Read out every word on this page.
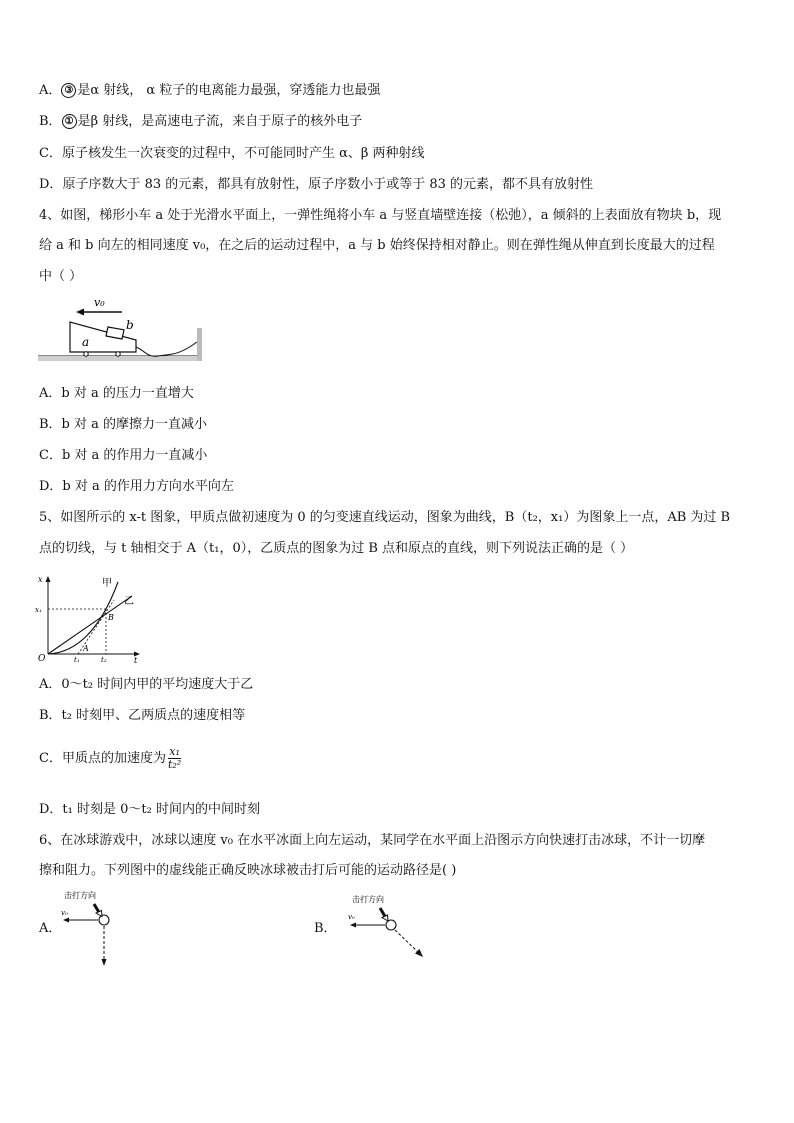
A． ③ 是α 射线， α 粒子的电离能力最强，穿透能力也最强
B． ① 是β 射线，是高速电子流，来自于原子的核外电子
C．原子核发生一次衰变的过程中，不可能同时产生 α、β 两种射线
D．原子序数大于 83 的元素，都具有放射性，原子序数小于或等于 83 的元素，都不具有放射性
4、如图，梯形小车 a 处于光滑水平面上，一弹性绳将小车 a 与竖直墙壁连接（松弛），a 倾斜的上表面放有物块 b，现
给 a 和 b 向左的相同速度 v₀，在之后的运动过程中，a 与 b 始终保持相对静止。则在弹性绳从伸直到长度最大的过程
中（ ）
v₀
a
b
A．b 对 a 的压力一直增大
B．b 对 a 的摩擦力一直减小
C．b 对 a 的作用力一直减小
D．b 对 a 的作用力方向水平向左
5、如图所示的 x-t 图象，甲质点做初速度为 0 的匀变速直线运动，图象为曲线，B（t₂，x₁）为图象上一点，AB 为过 B
点的切线，与 t 轴相交于 A（t₁，0），乙质点的图象为过 B 点和原点的直线，则下列说法正确的是（ ）
x
t
O
甲
乙
x₁
t₁	t₂
A
B
A．0～t₂ 时间内甲的平均速度大于乙
B．t₂ 时刻甲、乙两质点的速度相等
C．甲质点的加速度为 $\frac{\text{x₁}}{\text{t₂²}}$
D．t₁ 时刻是 0～t₂ 时间内的中间时刻
6、在冰球游戏中，冰球以速度 v₀ 在水平冰面上向左运动，某同学在水平面上沿图示方向快速打击冰球，不计一切摩
擦和阻力。下列图中的虚线能正确反映冰球被击打后可能的运动路径是( )
A．
击打方向
v₀
B．
击打方向
v₀
